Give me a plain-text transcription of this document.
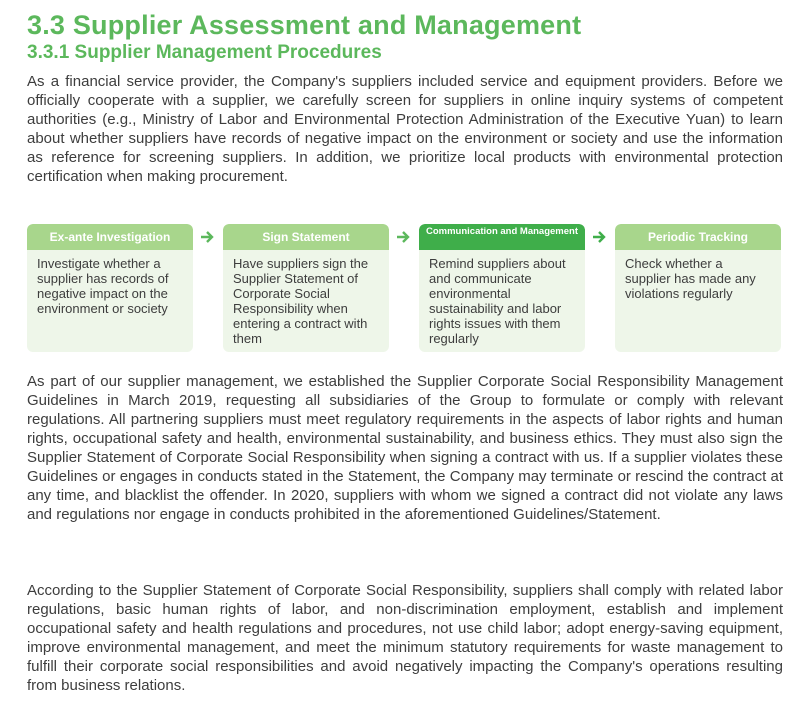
3.3 Supplier Assessment and Management
3.3.1 Supplier Management Procedures

As a financial service provider, the Company's suppliers included service and equipment providers. Before we officially cooperate with a supplier, we carefully screen for suppliers in online inquiry systems of competent authorities (e.g., Ministry of Labor and Environmental Protection Administration of the Executive Yuan) to learn about whether suppliers have records of negative impact on the environment or society and use the information as reference for screening suppliers. In addition, we prioritize local products with environmental protection certification when making procurement.

Ex-ante Investigation
Investigate whether a supplier has records of negative impact on the environment or society
Sign Statement
Have suppliers sign the Supplier Statement of Corporate Social Responsibility when entering a contract with them
Communication and Management
Remind suppliers about and communicate environmental sustainability and labor rights issues with them regularly
Periodic Tracking
Check whether a supplier has made any violations regularly

As part of our supplier management, we established the Supplier Corporate Social Responsibility Management Guidelines in March 2019, requesting all subsidiaries of the Group to formulate or comply with relevant regulations. All partnering suppliers must meet regulatory requirements in the aspects of labor rights and human rights, occupational safety and health, environmental sustainability, and business ethics. They must also sign the Supplier Statement of Corporate Social Responsibility when signing a contract with us. If a supplier violates these Guidelines or engages in conducts stated in the Statement, the Company may terminate or rescind the contract at any time, and blacklist the offender. In 2020, suppliers with whom we signed a contract did not violate any laws and regulations nor engage in conducts prohibited in the aforementioned Guidelines/Statement.

According to the Supplier Statement of Corporate Social Responsibility, suppliers shall comply with related labor regulations, basic human rights of labor, and non-discrimination employment, establish and implement occupational safety and health regulations and procedures, not use child labor; adopt energy-saving equipment, improve environmental management, and meet the minimum statutory requirements for waste management to fulfill their corporate social responsibilities and avoid negatively impacting the Company's operations resulting from business relations.
